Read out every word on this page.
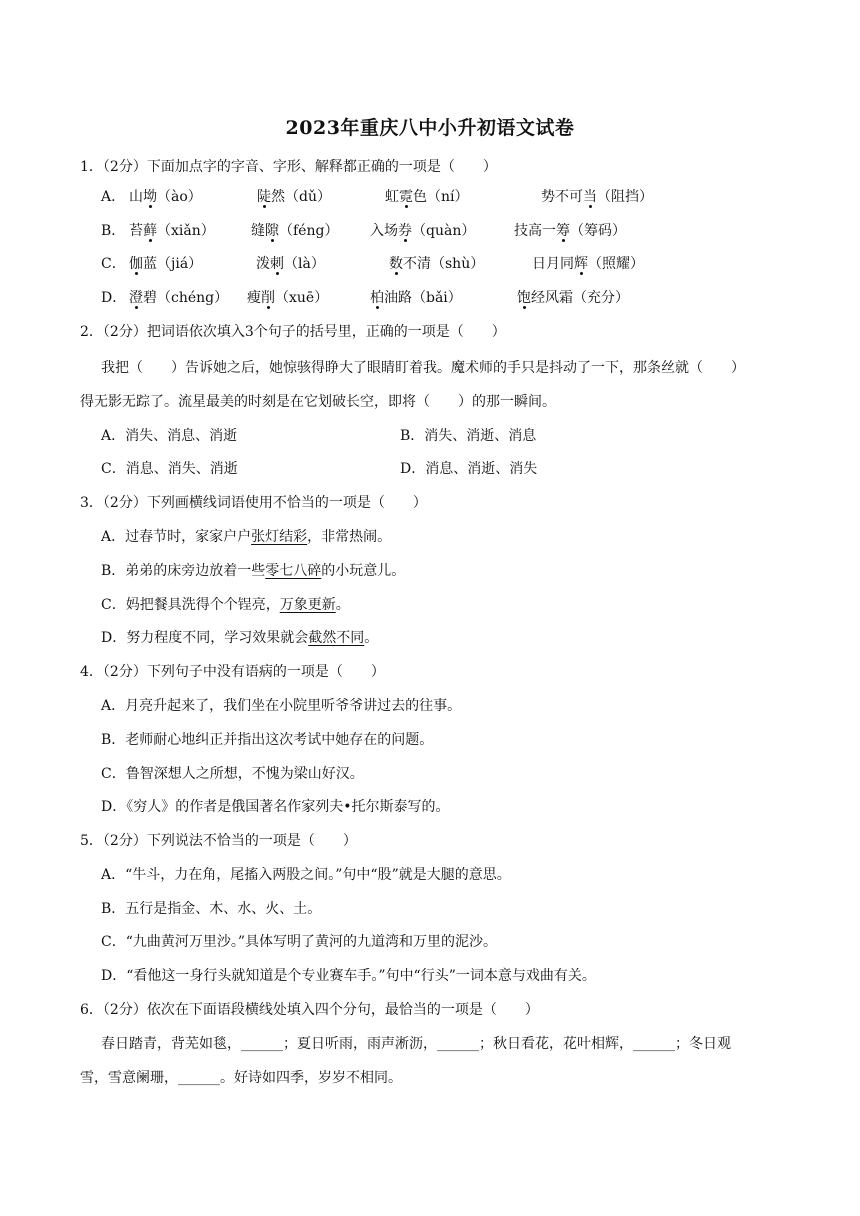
2023年重庆八中小升初语文试卷
1．（2分）下面加点字的字音、字形、解释都正确的一项是（　　）
A． 山坳（ào）	陡然（dǔ）	虹霓色（ní）	势不可当（阻挡）
B． 苔藓（xiǎn）	缝隙（féng） 入场券（quàn）	技高一筹（筹码）
C． 伽蓝（jiá）	泼刺（là）	数不清（shù）	日月同辉（照耀）
D． 澄碧（chéng） 瘦削（xuē）	柏油路（bǎi）	饱经风霜（充分）
2．（2分）把词语依次填入3个句子的括号里，正确的一项是（　　）
我把（　　）告诉她之后，她惊骇得睁大了眼睛盯着我。魔术师的手只是抖动了一下，那条丝就（　　）
得无影无踪了。流星最美的时刻是在它划破长空，即将（　　）的那一瞬间。
A．消失、消息、消逝	B．消失、消逝、消息
C．消息、消失、消逝	D．消息、消逝、消失
3．（2分）下列画横线词语使用不恰当的一项是（　　）
A．过春节时，家家户户张灯结彩，非常热闹。
B．弟弟的床旁边放着一些零七八碎的小玩意儿。
C．妈把餐具洗得个个锃亮，万象更新。
D．努力程度不同，学习效果就会截然不同。
4．（2分）下列句子中没有语病的一项是（　　）
A．月亮升起来了，我们坐在小院里听爷爷讲过去的往事。
B．老师耐心地纠正并指出这次考试中她存在的问题。
C．鲁智深想人之所想，不愧为梁山好汉。
D．《穷人》的作者是俄国著名作家列夫•托尔斯泰写的。
5．（2分）下列说法不恰当的一项是（　　）
A．“牛斗，力在角，尾搐入两股之间。”句中“股”就是大腿的意思。
B．五行是指金、木、水、火、土。
C．“九曲黄河万里沙。”具体写明了黄河的九道湾和万里的泥沙。
D．“看他这一身行头就知道是个专业赛车手。”句中“行头”一词本意与戏曲有关。
6．（2分）依次在下面语段横线处填入四个分句，最恰当的一项是（　　）
春日踏青，背芜如毯，______；夏日听雨，雨声淅沥，______；秋日看花，花叶相辉，______；冬日观
雪，雪意阑珊，______。好诗如四季，岁岁不相同。
